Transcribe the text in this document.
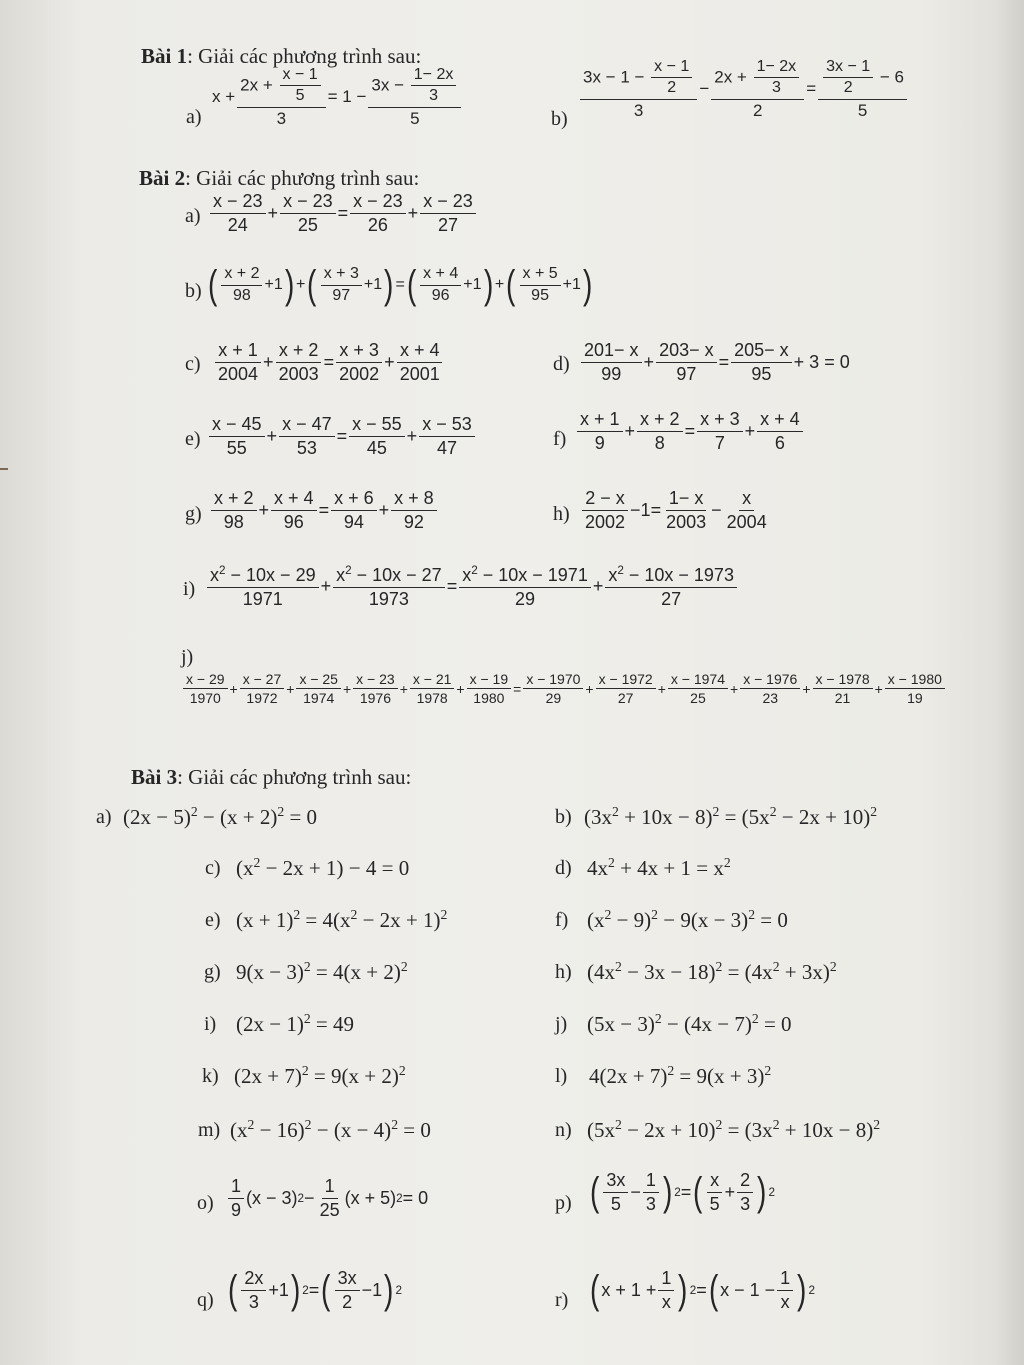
Bài 1: Giải các phương trình sau:
a)
$x + \frac{2x + \frac{x - 1}{5}}{3} = 1 - \frac{3x - \frac{1- 2x}{3}}{5}$	$b) \frac{3x - 1 - \frac{x - 1}{2}}{3} - \frac{2x + \frac{1- 2x}{3}}{2} = \frac{\frac{3x - 1}{2} - 6}{5}$
Bài 2: Giải các phương trình sau:
$a) \frac{x - 23}{24} + \frac{x - 23}{25} = \frac{x - 23}{26} + \frac{x - 23}{27}$
b) ( $\frac{x + 2}{98} +1$ ) + ( $\frac{x + 3}{97} +1$ ) = ( $\frac{x + 4}{96} +1$ ) + ( $\frac{x + 5}{95} +1$ )
$c) \frac{x + 1}{2004} + \frac{x + 2}{2003} = \frac{x + 3}{2002} + \frac{x + 4}{2001}$	$d) \frac{201- x}{99} + \frac{203- x}{97} = \frac{205- x}{95} + 3 = 0$
$e) \frac{x - 45}{55} + \frac{x - 47}{53} = \frac{x - 55}{45} + \frac{x - 53}{47}$	$f) \frac{x + 1}{9} + \frac{x + 2}{8} = \frac{x + 3}{7} + \frac{x + 4}{6}$
$g) \frac{x + 2}{98} + \frac{x + 4}{96} = \frac{x + 6}{94} + \frac{x + 8}{92}$	$h) \frac{2 - x}{2002} -1= \frac{1- x}{2003} - \frac{x}{2004}$
$i) \frac{x^2 - 10x - 29}{1971} + \frac{x^2 - 10x - 27}{1973} = \frac{x^2 - 10x - 1971}{29} + \frac{x^2 - 10x - 1973}{27}$
j)
$\frac{x - 29}{1970} + \frac{x - 27}{1972} + \frac{x - 25}{1974} + \frac{x - 23}{1976} + \frac{x - 21}{1978} + \frac{x - 19}{1980} = \frac{x - 1970}{29} + \frac{x - 1972}{27} + \frac{x - 1974}{25} + \frac{x - 1976}{23} + \frac{x - 1978}{21} + \frac{x - 1980}{19}$
Bài 3: Giải các phương trình sau:
a) $(2x - 5)^2 - (x + 2)^2 = 0$	b) $(3x^2 + 10x - 8)^2 = (5x^2 - 2x + 10)^2$
c) $(x^2 - 2x + 1) - 4 = 0$	d) $4x^2 + 4x + 1 = x^2$
e) $(x + 1)^2 = 4(x^2 - 2x + 1)^2$	f) $(x^2 - 9)^2 - 9(x - 3)^2 = 0$
g) $9(x - 3)^2 = 4(x + 2)^2$	h) $(4x^2 - 3x - 18)^2 = (4x^2 + 3x)^2$
i) $(2x - 1)^2 = 49$	j) $(5x - 3)^2 - (4x - 7)^2 = 0$
k) $(2x + 7)^2 = 9(x + 2)^2$	l) $4(2x + 7)^2 = 9(x + 3)^2$
m) $(x^2 - 16)^2 - (x - 4)^2 = 0$	n) $(5x^2 - 2x + 10)^2 = (3x^2 + 10x - 8)^2$
$o) \frac{1}{9} (x - 3) 2 - \frac{1}{25} (x + 5) 2 = 0$	p) ( $\frac{3x}{5} - \frac{1}{3}$ ) 2 = ( $\frac{x}{5} + \frac{2}{3}$ ) 2
q) ( $\frac{2x}{3} +1$ ) 2 = ( $\frac{3x}{2} -1$ ) 2	r) ( $x + 1 + \frac{1}{x}$ ) 2 = ( $x - 1 - \frac{1}{x}$ ) 2
